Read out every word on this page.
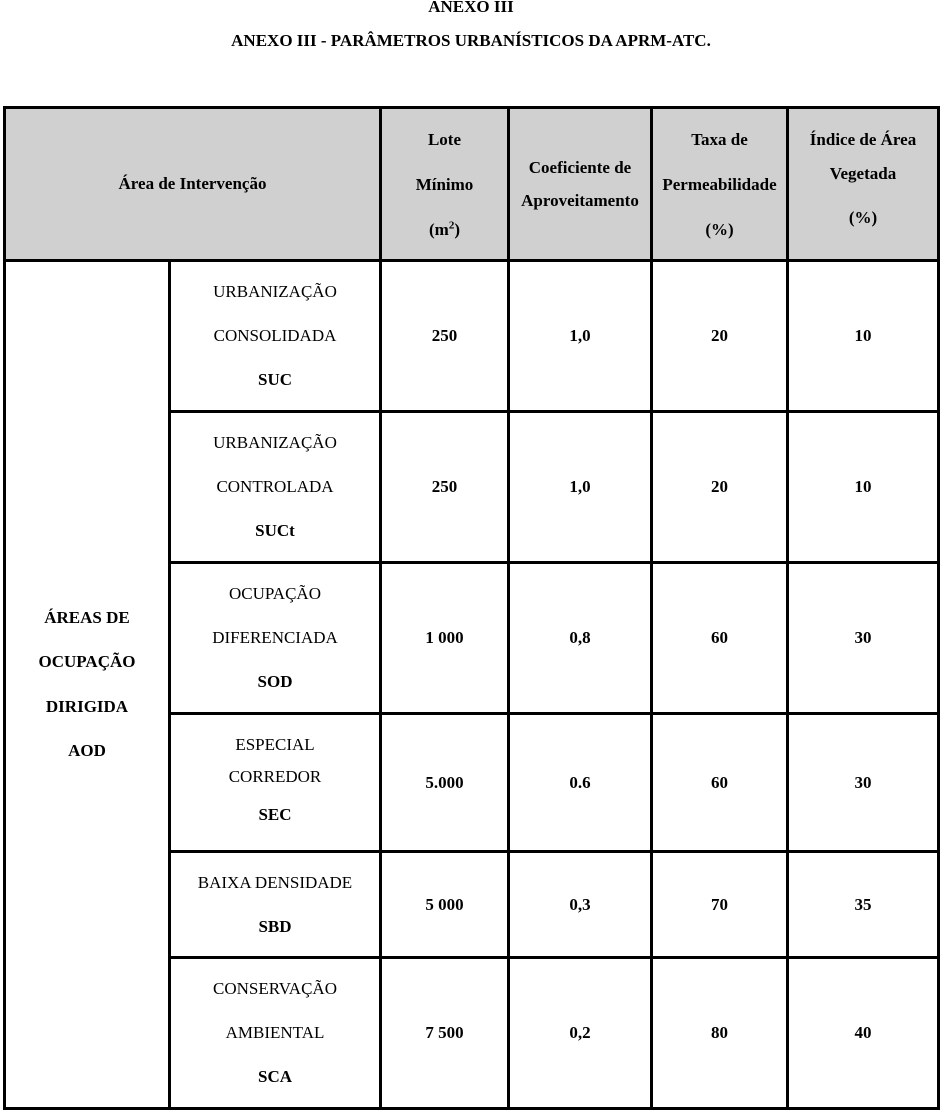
ANEXO III
ANEXO III - PARÂMETROS URBANÍSTICOS DA APRM-ATC.
Área de Intervenção		Lote
Mínimo
$(m^2)$	Coeficiente de
Aproveitamento	Taxa de
Permeabilidade
(%)	Índice de Área
Vegetada
(%)

ÁREAS DE
OCUPAÇÃO
DIRIGIDA
AOD	URBANIZAÇÃO
CONSOLIDADA
SUC	250	1,0	20	10

	URBANIZAÇÃO
CONTROLADA
SUCt	250	1,0	20	10

	OCUPAÇÃO
DIFERENCIADA
SOD	1 000	0,8	60	30

	ESPECIAL
CORREDOR
SEC	5.000	0.6	60	30

	BAIXA DENSIDADE
SBD	5 000	0,3	70	35

	CONSERVAÇÃO
AMBIENTAL
SCA	7 500	0,2	80	40
